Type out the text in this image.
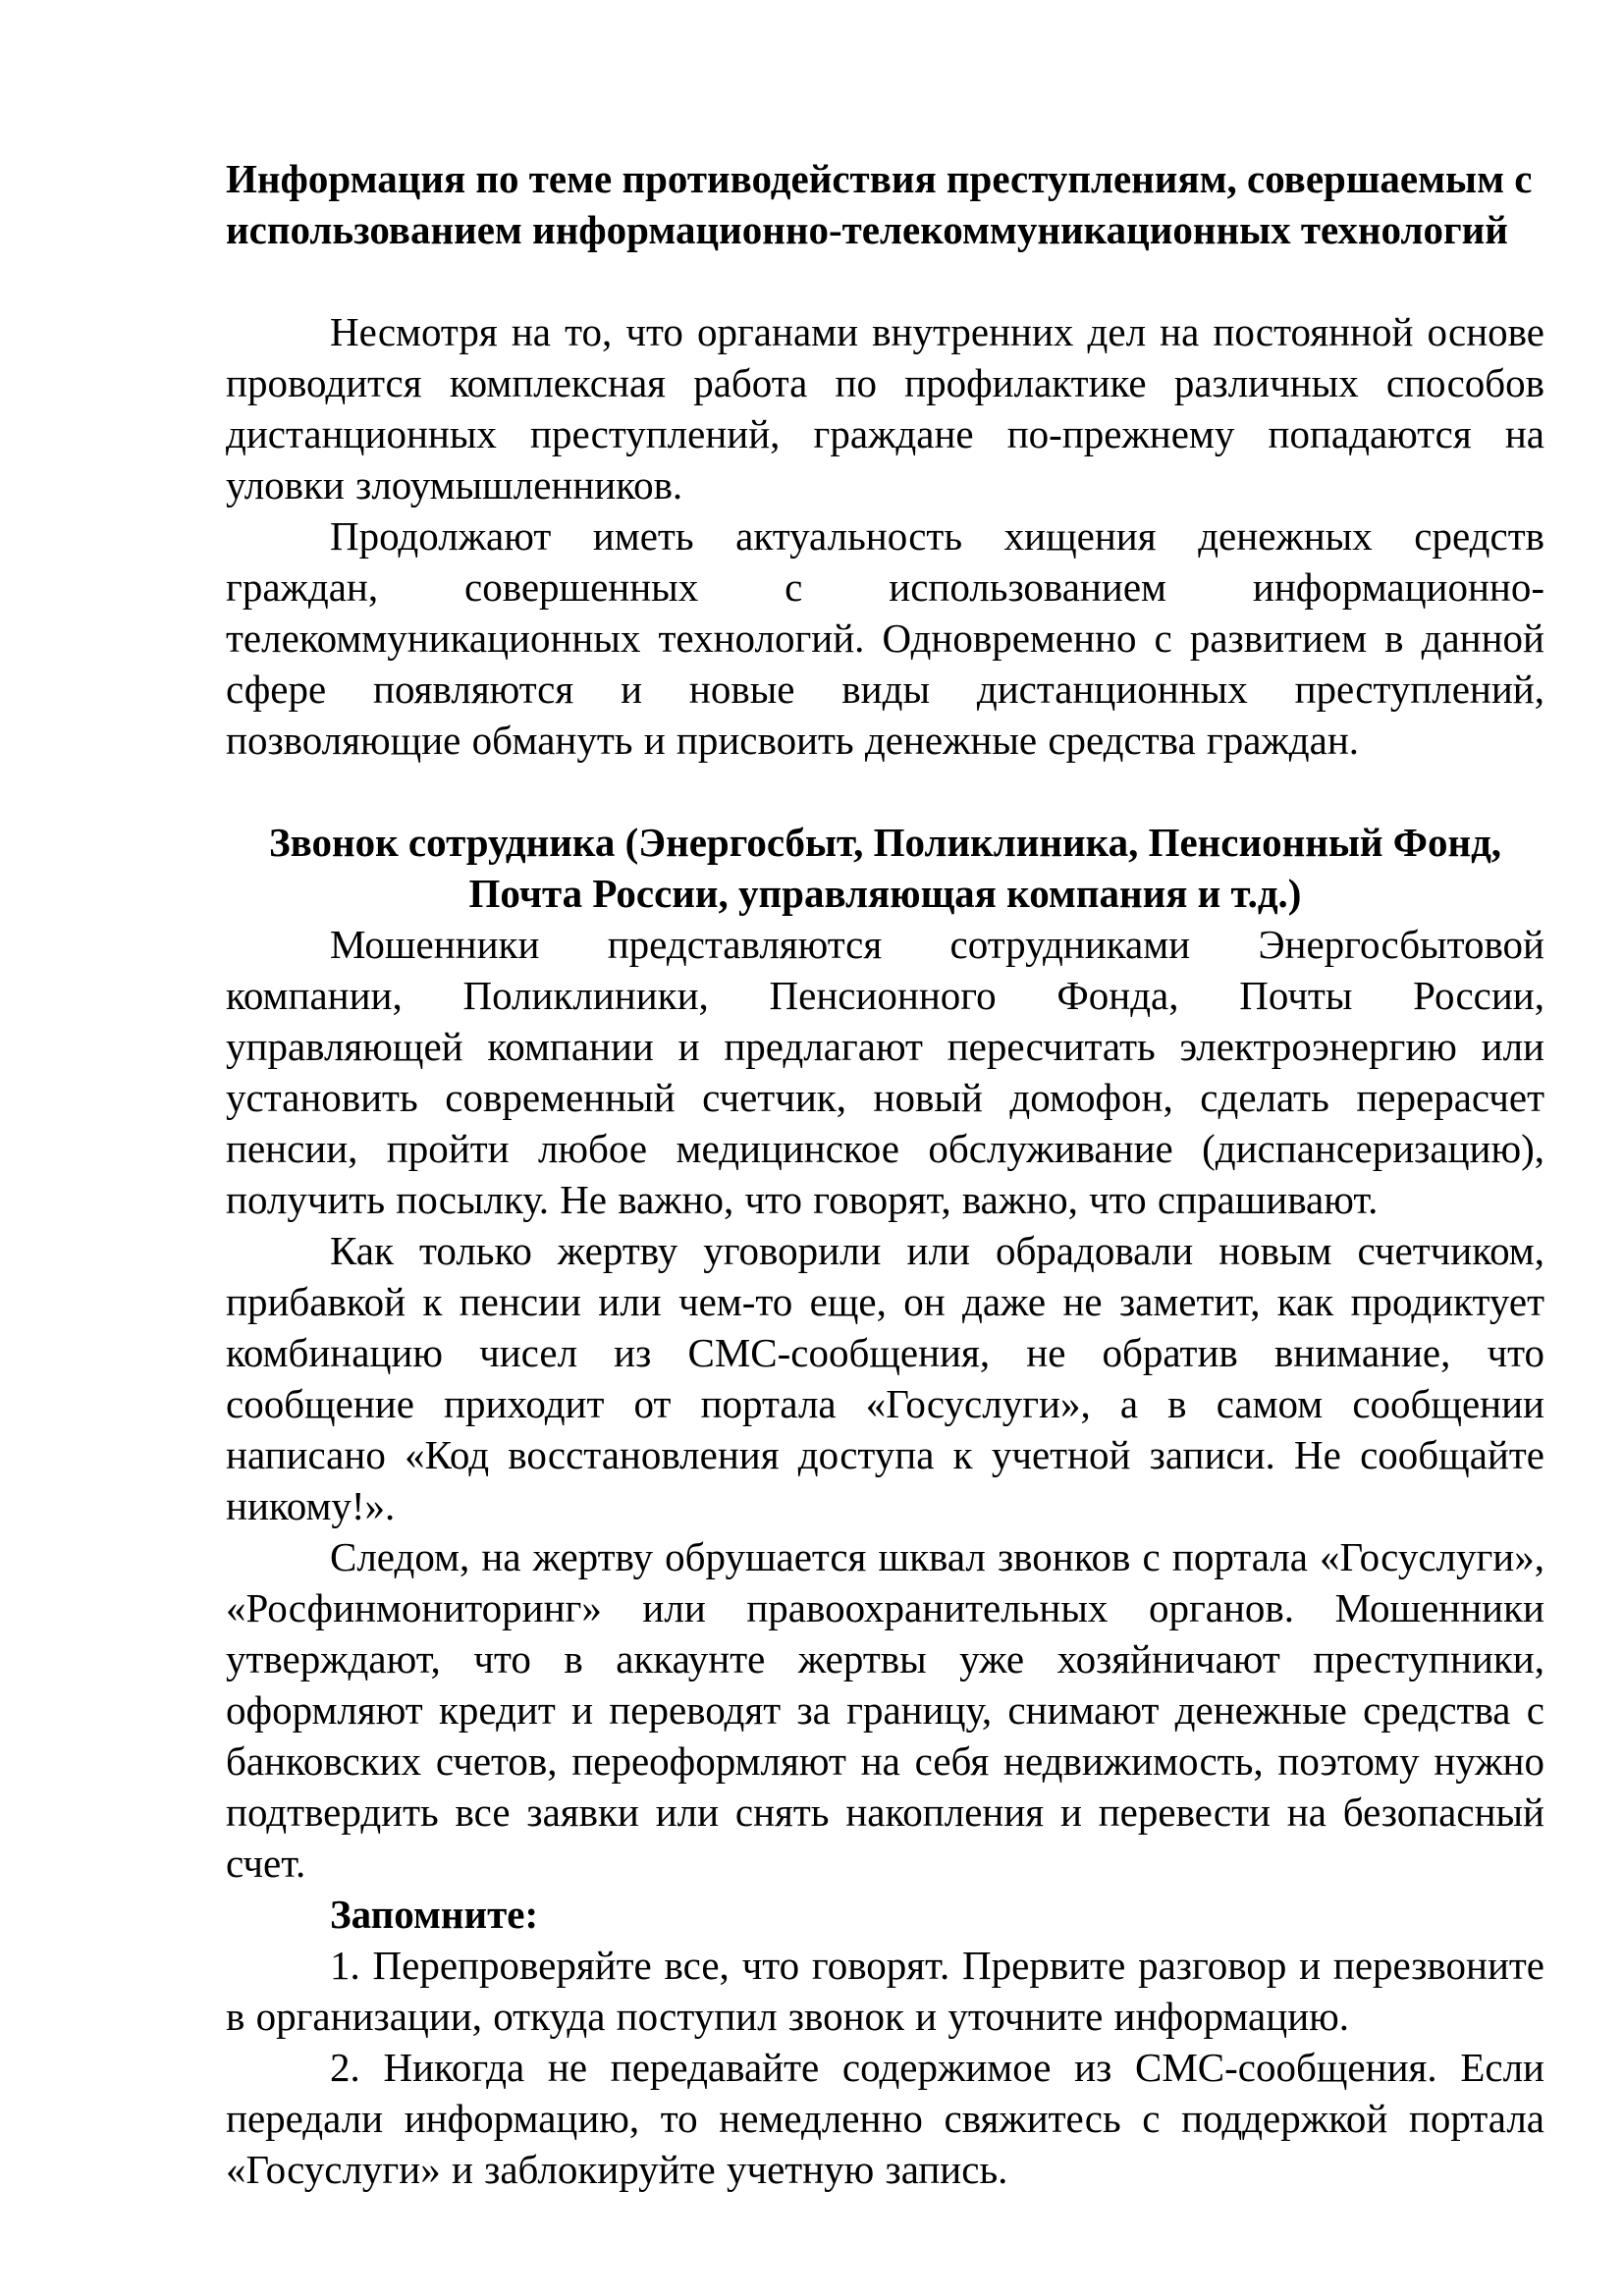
Информация по теме противодействия преступлениям, совершаемым с использованием информационно-телекоммуникационных технологий

Несмотря на то, что органами внутренних дел на постоянной основе проводится комплексная работа по профилактике различных способов дистанционных преступлений, граждане по-прежнему попадаются на уловки злоумышленников.

Продолжают иметь актуальность хищения денежных средств граждан, совершенных с использованием информационно-телекоммуникационных технологий. Одновременно с развитием в данной сфере появляются и новые виды дистанционных преступлений, позволяющие обмануть и присвоить денежные средства граждан.

Звонок сотрудника (Энергосбыт, Поликлиника, Пенсионный Фонд, Почта России, управляющая компания и т.д.)

Мошенники представляются сотрудниками Энергосбытовой компании, Поликлиники, Пенсионного Фонда, Почты России, управляющей компании и предлагают пересчитать электроэнергию или установить современный счетчик, новый домофон, сделать перерасчет пенсии, пройти любое медицинское обслуживание (диспансеризацию), получить посылку. Не важно, что говорят, важно, что спрашивают.

Как только жертву уговорили или обрадовали новым счетчиком, прибавкой к пенсии или чем-то еще, он даже не заметит, как продиктует комбинацию чисел из СМС-сообщения, не обратив внимание, что сообщение приходит от портала «Госуслуги», а в самом сообщении написано «Код восстановления доступа к учетной записи. Не сообщайте никому!».

Следом, на жертву обрушается шквал звонков с портала «Госуслуги», «Росфинмониторинг» или правоохранительных органов. Мошенники утверждают, что в аккаунте жертвы уже хозяйничают преступники, оформляют кредит и переводят за границу, снимают денежные средства с банковских счетов, переоформляют на себя недвижимость, поэтому нужно подтвердить все заявки или снять накопления и перевести на безопасный счет.

Запомните:

1. Перепроверяйте все, что говорят. Прервите разговор и перезвоните в организации, откуда поступил звонок и уточните информацию.

2. Никогда не передавайте содержимое из СМС-сообщения. Если передали информацию, то немедленно свяжитесь с поддержкой портала «Госуслуги» и заблокируйте учетную запись.
